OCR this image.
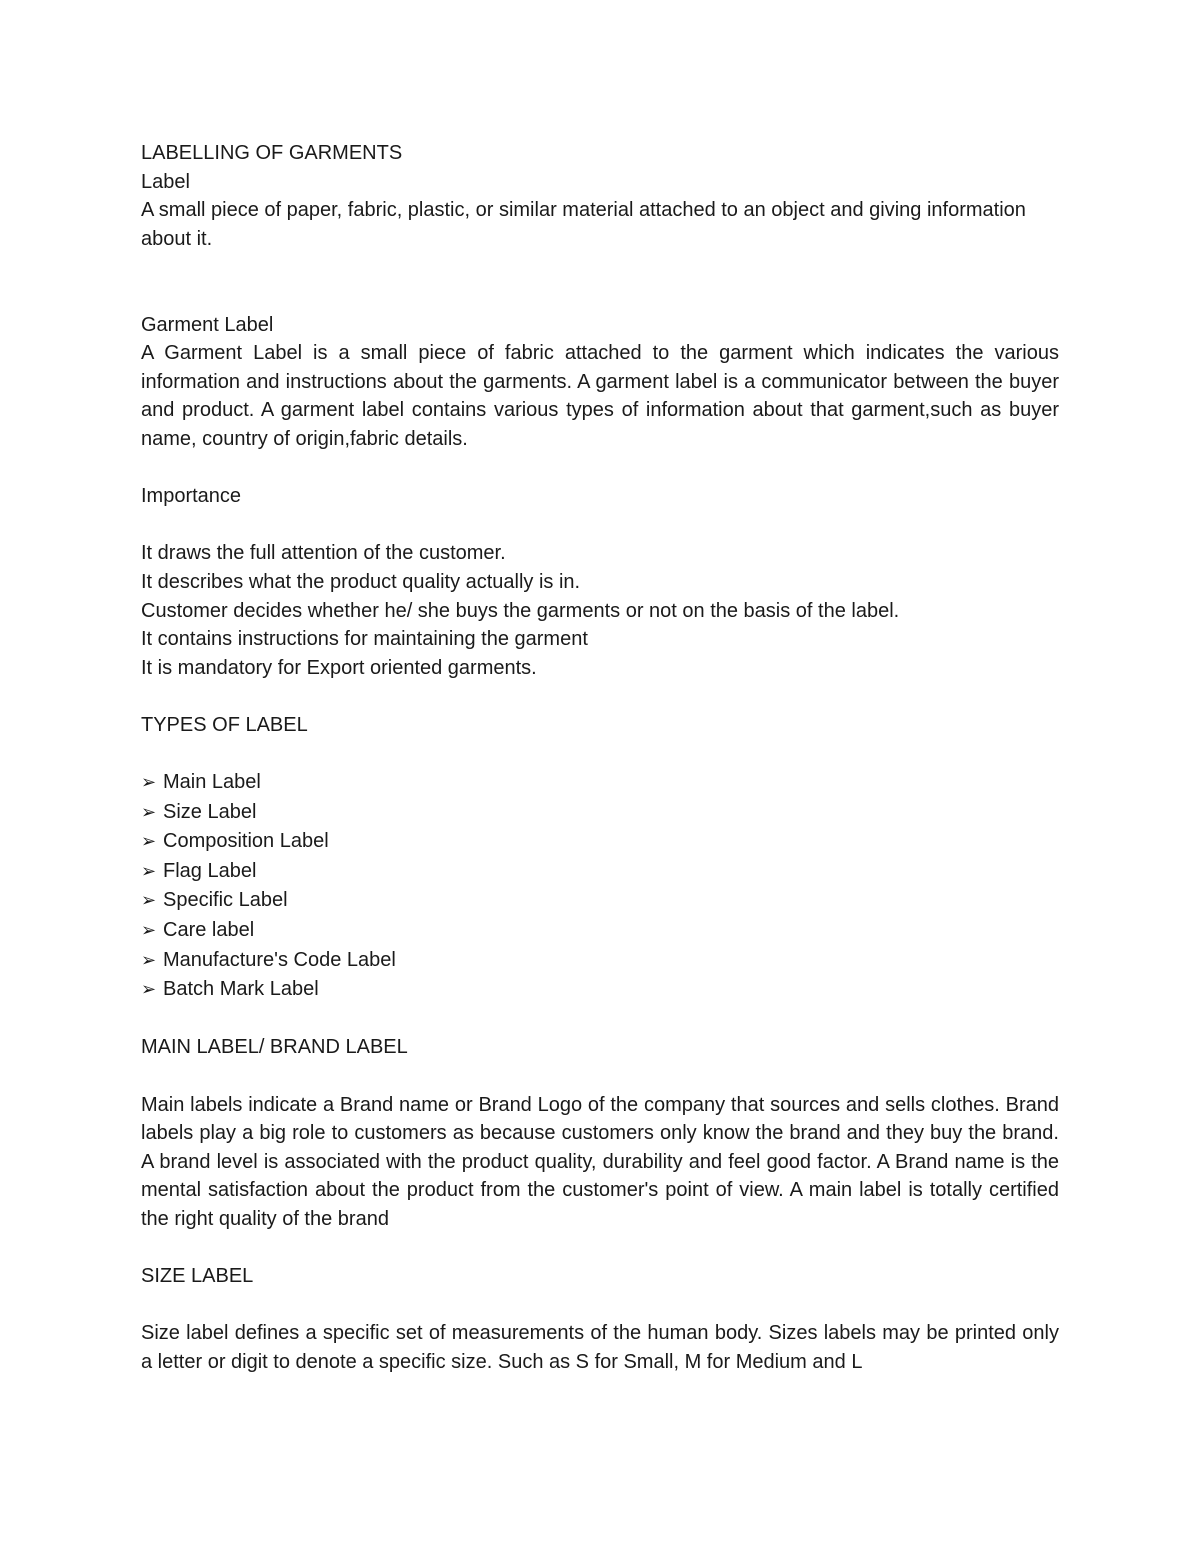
LABELLING OF GARMENTS
Label
A small piece of paper, fabric, plastic, or similar material attached to an object and giving information about it.
Garment Label

A Garment Label is a small piece of fabric attached to the garment which indicates the various information and instructions about the garments. A garment label is a communicator between the buyer and product. A garment label contains various types of information about that garment,such as buyer name, country of origin,fabric details.

Importance
It draws the full attention of the customer.
It describes what the product quality actually is in.
Customer decides whether he/ she buys the garments or not on the basis of the label.
It contains instructions for maintaining the garment
It is mandatory for Export oriented garments.
TYPES OF LABEL
➢ Main Label
➢ Size Label
➢ Composition Label
➢ Flag Label
➢ Specific Label
➢ Care label
➢ Manufacture's Code Label
➢ Batch Mark Label
MAIN LABEL/ BRAND LABEL

Main labels indicate a Brand name or Brand Logo of the company that sources and sells clothes. Brand labels play a big role to customers as because customers only know the brand and they buy the brand. A brand level is associated with the product quality, durability and feel good factor. A Brand name is the mental satisfaction about the product from the customer's point of view. A main label is totally certified the right quality of the brand

SIZE LABEL

Size label defines a specific set of measurements of the human body. Sizes labels may be printed only a letter or digit to denote a specific size. Such as S for Small, M for Medium and L
